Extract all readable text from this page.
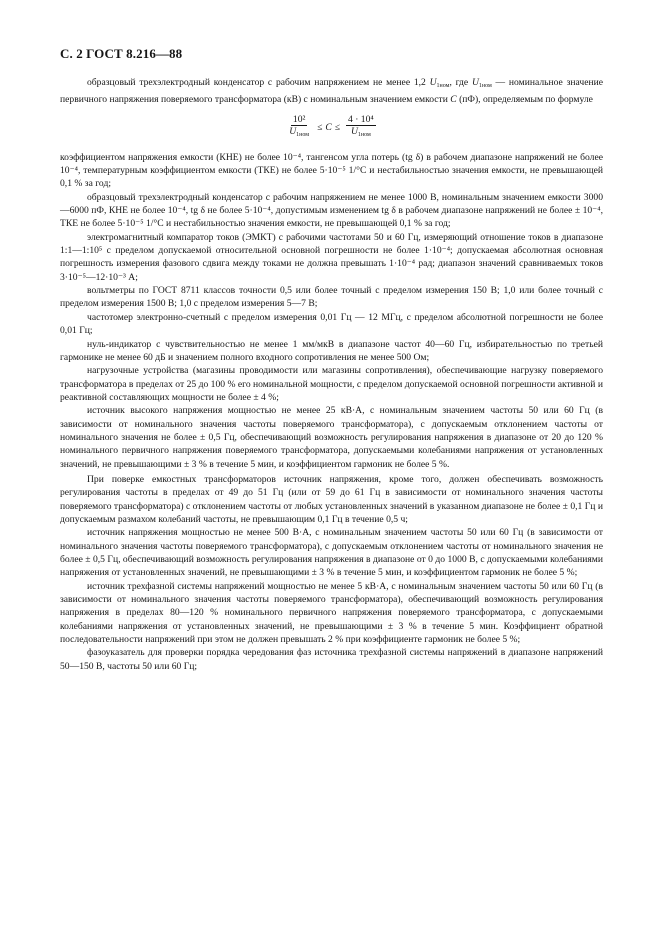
С. 2 ГОСТ 8.216—88

образцовый трехэлектродный конденсатор с рабочим напряжением не менее 1,2 $U_{1ном}$, где $U_{1ном}$ — номинальное значение первичного напряжения поверяемого трансформатора (кВ) с номинальным значением емкости C (пФ), определяемым по формуле

$\frac{\text{10²}}{U_{1ном}} \le C \le \frac{\text{4 · 10⁴}}{U_{1ном}}$

коэффициентом напряжения емкости (КНЕ) не более 10⁻⁴, тангенсом угла потерь (tg δ) в рабочем диапазоне напряжений не более 10⁻⁴, температурным коэффициентом емкости (ТКЕ) не более 5·10⁻⁵ 1/°С и нестабильностью значения емкости, не превышающей 0,1 % за год;

образцовый трехэлектродный конденсатор с рабочим напряжением не менее 1000 В, номинальным значением емкости 3000—6000 пФ, КНЕ не более 10⁻⁴, tg δ не более 5·10⁻⁴, допустимым изменением tg δ в рабочем диапазоне напряжений не более ± 10⁻⁴, ТКЕ не более 5·10⁻⁵ 1/°С и нестабильностью значения емкости, не превышающей 0,1 % за год;

электромагнитный компаратор токов (ЭМКТ) с рабочими частотами 50 и 60 Гц, измеряющий отношение токов в диапазоне 1:1—1:10⁵ с пределом допускаемой относительной основной погрешности не более 1·10⁻⁴; допускаемая абсолютная основная погрешность измерения фазового сдвига между токами не должна превышать 1·10⁻⁴ рад; диапазон значений сравниваемых токов 3·10⁻⁵—12·10⁻³ А;

вольтметры по ГОСТ 8711 классов точности 0,5 или более точный с пределом измерения 150 В; 1,0 или более точный с пределом измерения 1500 В; 1,0 с пределом измерения 5—7 В;

частотомер электронно-счетный с пределом измерения 0,01 Гц — 12 МГц, с пределом абсолютной погрешности не более 0,01 Гц;

нуль-индикатор с чувствительностью не менее 1 мм/мкВ в диапазоне частот 40—60 Гц, избирательностью по третьей гармонике не менее 60 дБ и значением полного входного сопротивления не менее 500 Ом;

нагрузочные устройства (магазины проводимости или магазины сопротивления), обеспечивающие нагрузку поверяемого трансформатора в пределах от 25 до 100 % его номинальной мощности, с пределом допускаемой основной погрешности активной и реактивной составляющих мощности не более ± 4 %;

источник высокого напряжения мощностью не менее 25 кВ·А, с номинальным значением частоты 50 или 60 Гц (в зависимости от номинального значения частоты поверяемого трансформатора), с допускаемым отклонением частоты от номинального значения не более ± 0,5 Гц, обеспечивающий возможность регулирования напряжения в диапазоне от 20 до 120 % номинального первичного напряжения поверяемого трансформатора, допускаемыми колебаниями напряжения от установленных значений, не превышающими ± 3 % в течение 5 мин, и коэффициентом гармоник не более 5 %.

При поверке емкостных трансформаторов источник напряжения, кроме того, должен обеспечивать возможность регулирования частоты в пределах от 49 до 51 Гц (или от 59 до 61 Гц в зависимости от номинального значения частоты поверяемого трансформатора) с отклонением частоты от любых установленных значений в указанном диапазоне не более ± 0,1 Гц и допускаемым размахом колебаний частоты, не превышающим 0,1 Гц в течение 0,5 ч;

источник напряжения мощностью не менее 500 В·А, с номинальным значением частоты 50 или 60 Гц (в зависимости от номинального значения частоты поверяемого трансформатора), с допускаемым отклонением частоты от номинального значения не более ± 0,5 Гц, обеспечивающий возможность регулирования напряжения в диапазоне от 0 до 1000 В, с допускаемыми колебаниями напряжения от установленных значений, не превышающими ± 3 % в течение 5 мин, и коэффициентом гармоник не более 5 %;

источник трехфазной системы напряжений мощностью не менее 5 кВ·А, с номинальным значением частоты 50 или 60 Гц (в зависимости от номинального значения частоты поверяемого трансформатора), обеспечивающий возможность регулирования напряжения в пределах 80—120 % номинального первичного напряжения поверяемого трансформатора, с допускаемыми колебаниями напряжения от установленных значений, не превышающими ± 3 % в течение 5 мин. Коэффициент обратной последовательности напряжений при этом не должен превышать 2 % при коэффициенте гармоник не более 5 %;

фазоуказатель для проверки порядка чередования фаз источника трехфазной системы напряжений в диапазоне напряжений 50—150 В, частоты 50 или 60 Гц;
